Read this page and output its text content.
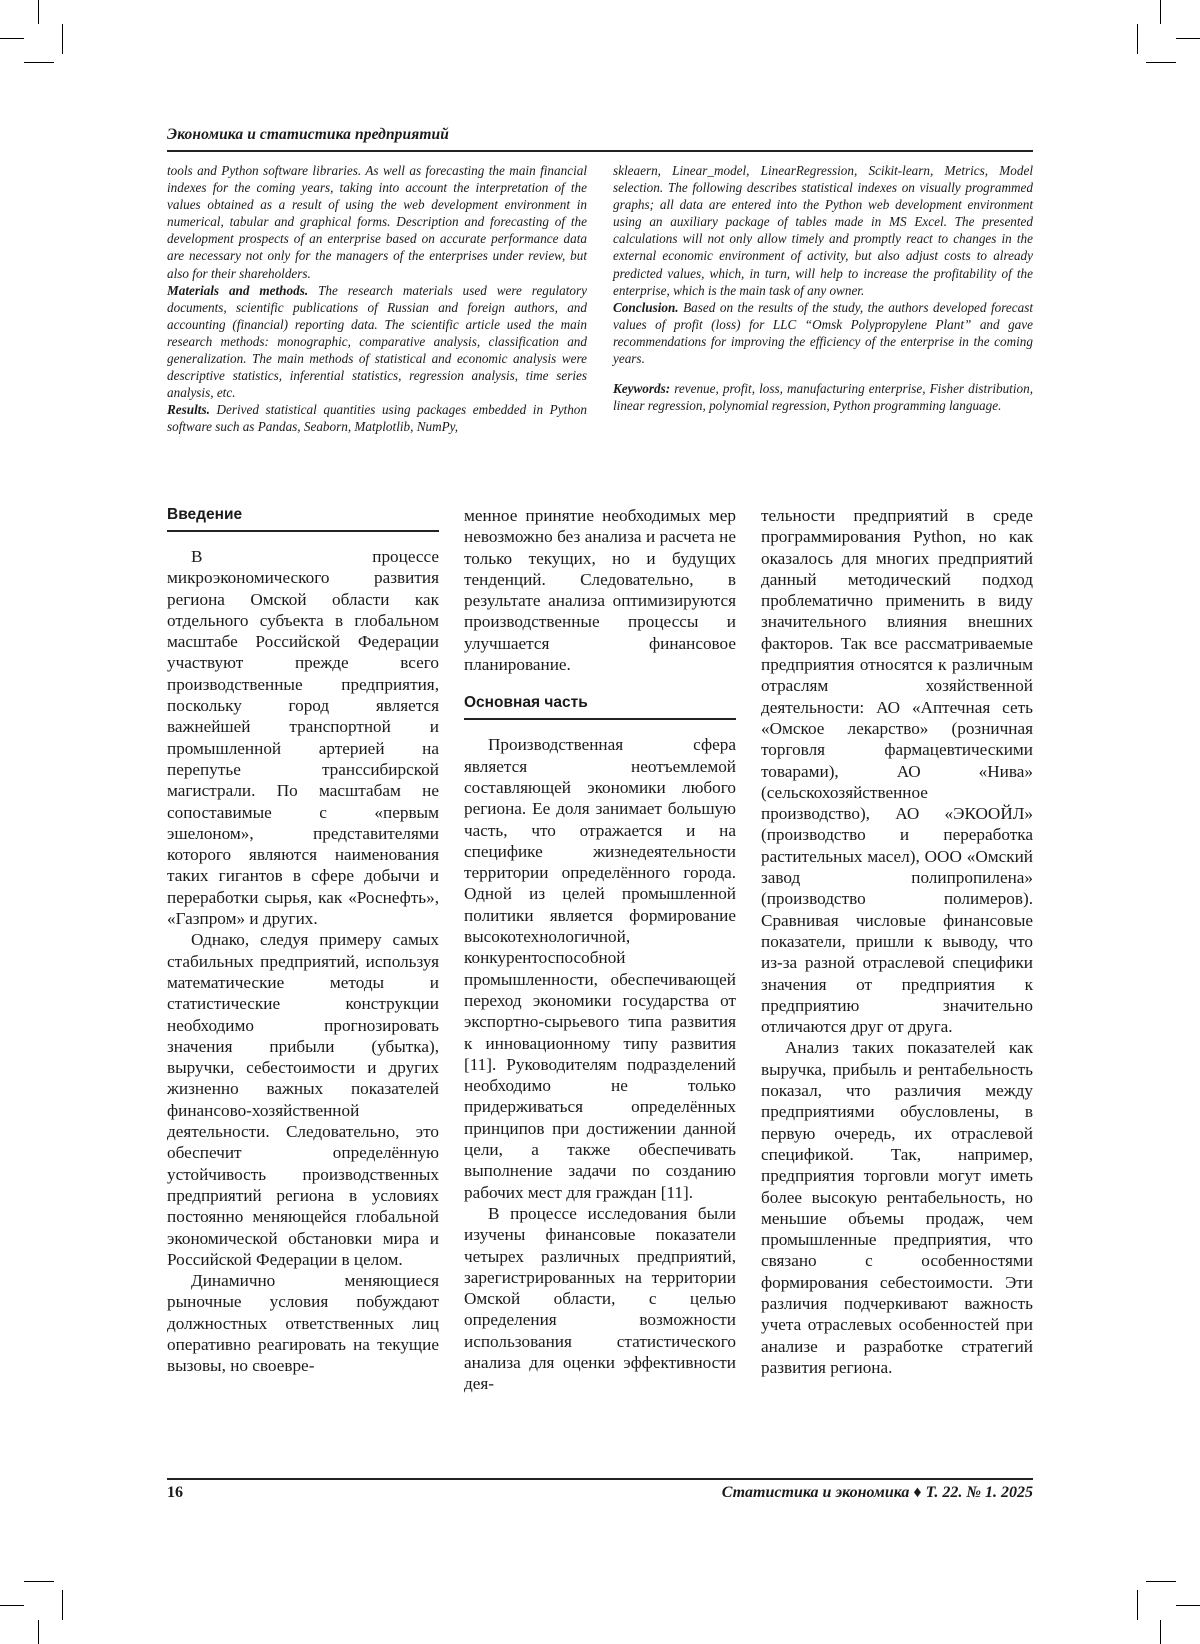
Экономика и статистика предприятий

tools and Python software libraries. As well as forecasting the main financial indexes for the coming years, taking into account the interpretation of the values obtained as a result of using the web development environment in numerical, tabular and graphical forms. Description and forecasting of the development prospects of an enterprise based on accurate performance data are necessary not only for the managers of the enterprises under review, but also for their shareholders.

Materials and methods. The research materials used were regulatory documents, scientific publications of Russian and foreign authors, and accounting (financial) reporting data. The scientific article used the main research methods: monographic, comparative analysis, classification and generalization. The main methods of statistical and economic analysis were descriptive statistics, inferential statistics, regression analysis, time series analysis, etc.

Results. Derived statistical quantities using packages embedded in Python software such as Pandas, Seaborn, Matplotlib, NumPy,

skleaern, Linear_model, LinearRegression, Scikit-learn, Metrics, Model selection. The following describes statistical indexes on visually programmed graphs; all data are entered into the Python web development environment using an auxiliary package of tables made in MS Excel. The presented calculations will not only allow timely and promptly react to changes in the external economic environment of activity, but also adjust costs to already predicted values, which, in turn, will help to increase the profitability of the enterprise, which is the main task of any owner.

Conclusion. Based on the results of the study, the authors developed forecast values of profit (loss) for LLC “Omsk Polypropylene Plant” and gave recommendations for improving the efficiency of the enterprise in the coming years.

Keywords: revenue, profit, loss, manufacturing enterprise, Fisher distribution, linear regression, polynomial regression, Python programming language.

Введение

В процессе микроэкономического развития региона Омской области как отдельного субъекта в глобальном масштабе Российской Федерации участвуют прежде всего производственные предприятия, поскольку город является важнейшей транспортной и промышленной артерией на перепутье транссибирской магистрали. По масштабам не сопоставимые с «первым эшелоном», представителями которого являются наименования таких гигантов в сфере добычи и переработки сырья, как «Роснефть», «Газпром» и других.

Однако, следуя примеру самых стабильных предприятий, используя математические методы и статистические конструкции необходимо прогнозировать значения прибыли (убытка), выручки, себестоимости и других жизненно важных показателей финансово-хозяйственной деятельности. Следовательно, это обеспечит определённую устойчивость производственных предприятий региона в условиях постоянно меняющейся глобальной экономической обстановки мира и Российской Федерации в целом.

Динамично меняющиеся рыночные условия побуждают должностных ответственных лиц оперативно реагировать на текущие вызовы, но своевре-

менное принятие необходимых мер невозможно без анализа и расчета не только текущих, но и будущих тенденций. Следовательно, в результате анализа оптимизируются производственные процессы и улучшается финансовое планирование.

Основная часть

Производственная сфера является неотъемлемой составляющей экономики любого региона. Ее доля занимает большую часть, что отражается и на специфике жизнедеятельности территории определённого города. Одной из целей промышленной политики является формирование высокотехнологичной, конкурентоспособной промышленности, обеспечивающей переход экономики государства от экспортно-сырьевого типа развития к инновационному типу развития [11]. Руководителям подразделений необходимо не только придерживаться определённых принципов при достижении данной цели, а также обеспечивать выполнение задачи по созданию рабочих мест для граждан [11].

В процессе исследования были изучены финансовые показатели четырех различных предприятий, зарегистрированных на территории Омской области, с целью определения возможности использования статистического анализа для оценки эффективности дея-

тельности предприятий в среде программирования Python, но как оказалось для многих предприятий данный методический подход проблематично применить в виду значительного влияния внешних факторов. Так все рассматриваемые предприятия относятся к различным отраслям хозяйственной деятельности: АО «Аптечная сеть «Омское лекарство» (розничная торговля фармацевтическими товарами), АО «Нива» (сельскохозяйственное производство), АО «ЭКООЙЛ» (производство и переработка растительных масел), ООО «Омский завод полипропилена» (производство полимеров). Сравнивая числовые финансовые показатели, пришли к выводу, что из-за разной отраслевой специфики значения от предприятия к предприятию значительно отличаются друг от друга.

Анализ таких показателей как выручка, прибыль и рентабельность показал, что различия между предприятиями обусловлены, в первую очередь, их отраслевой спецификой. Так, например, предприятия торговли могут иметь более высокую рентабельность, но меньшие объемы продаж, чем промышленные предприятия, что связано с особенностями формирования себестоимости. Эти различия подчеркивают важность учета отраслевых особенностей при анализе и разработке стратегий развития региона.

16	Статистика и экономика ♦ Т. 22. № 1. 2025
